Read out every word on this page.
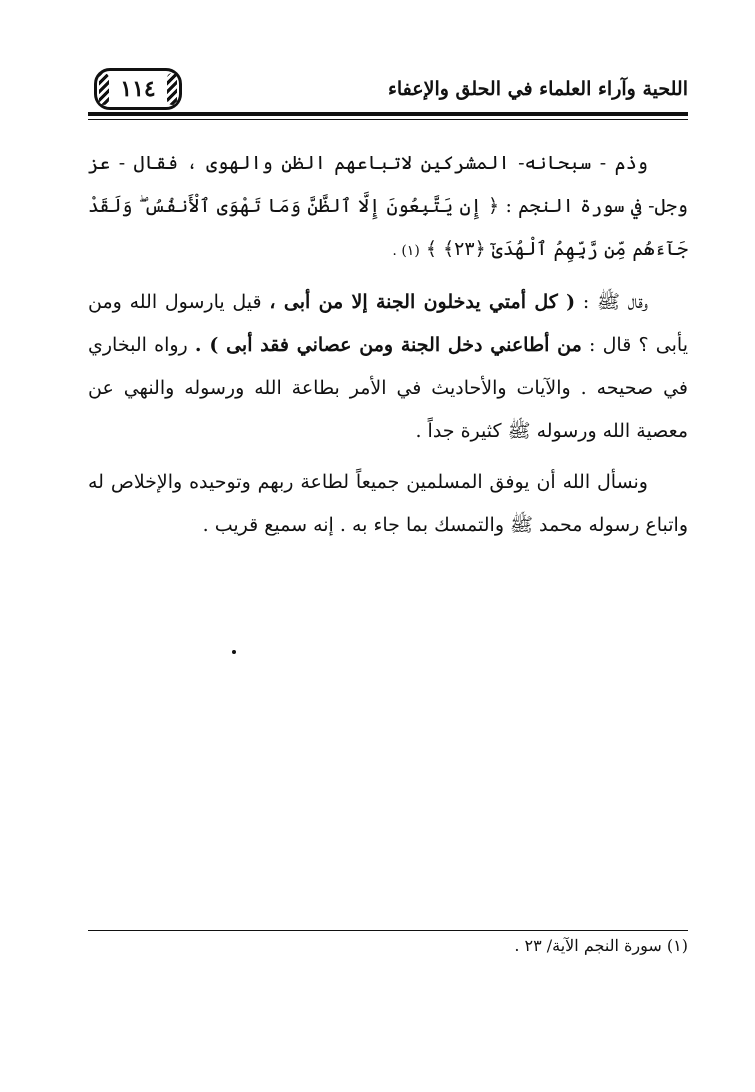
١١٤	اللحية وآراء العلماء في الحلق والإعفاء

وذم - سبحانه- المشركين لاتباعهم الظن والهوى ، فقال - عز وجل- في سورة النجم : ﴿ إِن يَتَّبِعُونَ إِلَّا ٱلظَّنَّ وَمَا تَهْوَى ٱلْأَنفُسُ ۖ وَلَقَدْ جَآءَهُم مِّن رَّبِّهِمُ ٱلْهُدَىٰٓ ﴿٢٣﴾ ﴾ (١) .

وقال ﷺ : ( كل أمتي يدخلون الجنة إلا من أبى ، قيل يارسول الله ومن يأبى ؟ قال : من أطاعني دخل الجنة ومن عصاني فقد أبى ) . رواه البخاري في صحيحه . والآيات والأحاديث في الأمر بطاعة الله ورسوله والنهي عن معصية الله ورسوله ﷺ كثيرة جداً .

ونسأل الله أن يوفق المسلمين جميعاً لطاعة ربهم وتوحيده والإخلاص له واتباع رسوله محمد ﷺ والتمسك بما جاء به . إنه سميع قريب .

(١) سورة النجم الآية/ ٢٣ .
